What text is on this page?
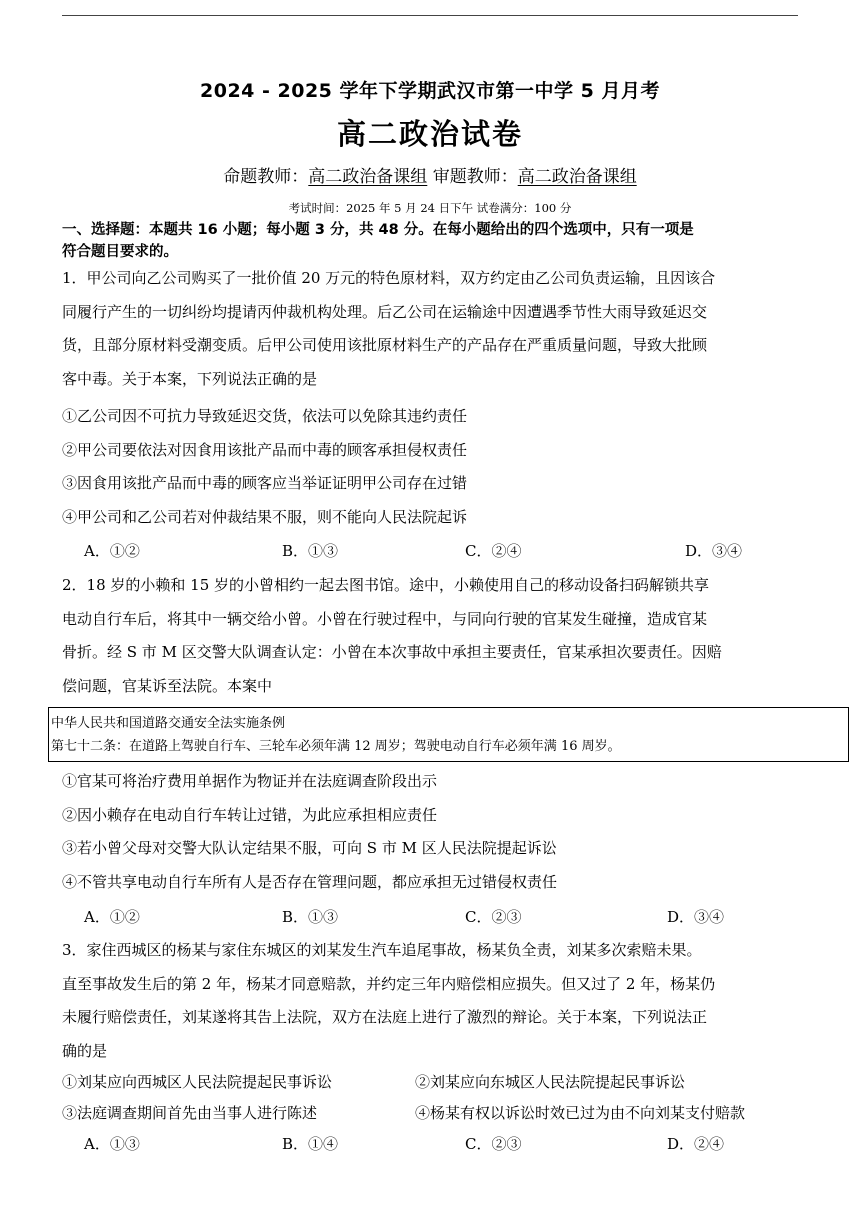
2024 - 2025 学年下学期武汉市第一中学 5 月月考
高二政治试卷
命题教师：高二政治备课组 审题教师：高二政治备课组
考试时间：2025 年 5 月 24 日下午 试卷满分：100 分
一、选择题：本题共 16 小题；每小题 3 分，共 48 分。在每小题给出的四个选项中，只有一项是
符合题目要求的。
1．甲公司向乙公司购买了一批价值 20 万元的特色原材料，双方约定由乙公司负责运输，且因该合
同履行产生的一切纠纷均提请丙仲裁机构处理。后乙公司在运输途中因遭遇季节性大雨导致延迟交
货，且部分原材料受潮变质。后甲公司使用该批原材料生产的产品存在严重质量问题，导致大批顾
客中毒。关于本案，下列说法正确的是
①乙公司因不可抗力导致延迟交货，依法可以免除其违约责任
②甲公司要依法对因食用该批产品而中毒的顾客承担侵权责任
③因食用该批产品而中毒的顾客应当举证证明甲公司存在过错
④甲公司和乙公司若对仲裁结果不服，则不能向人民法院起诉
A．①②	B．①③	C．②④	D．③④
2．18 岁的小赖和 15 岁的小曾相约一起去图书馆。途中，小赖使用自己的移动设备扫码解锁共享
电动自行车后，将其中一辆交给小曾。小曾在行驶过程中，与同向行驶的官某发生碰撞，造成官某
骨折。经 S 市 M 区交警大队调查认定：小曾在本次事故中承担主要责任，官某承担次要责任。因赔
偿问题，官某诉至法院。本案中
中华人民共和国道路交通安全法实施条例
第七十二条：在道路上驾驶自行车、三轮车必须年满 12 周岁；驾驶电动自行车必须年满 16 周岁。
①官某可将治疗费用单据作为物证并在法庭调查阶段出示
②因小赖存在电动自行车转让过错，为此应承担相应责任
③若小曾父母对交警大队认定结果不服，可向 S 市 M 区人民法院提起诉讼
④不管共享电动自行车所有人是否存在管理问题，都应承担无过错侵权责任
A．①②	B．①③	C．②③	D．③④
3．家住西城区的杨某与家住东城区的刘某发生汽车追尾事故，杨某负全责，刘某多次索赔未果。
直至事故发生后的第 2 年，杨某才同意赔款，并约定三年内赔偿相应损失。但又过了 2 年，杨某仍
未履行赔偿责任，刘某遂将其告上法院，双方在法庭上进行了激烈的辩论。关于本案，下列说法正
确的是
①刘某应向西城区人民法院提起民事诉讼	②刘某应向东城区人民法院提起民事诉讼
③法庭调查期间首先由当事人进行陈述	④杨某有权以诉讼时效已过为由不向刘某支付赔款
A．①③	B．①④	C．②③	D．②④
